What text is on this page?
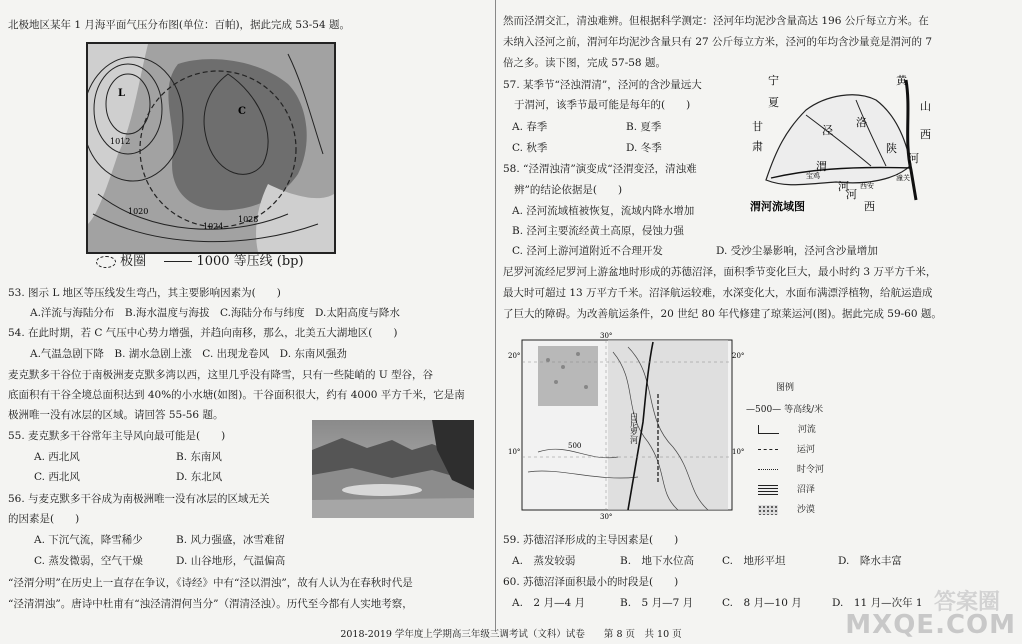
北极地区某年 1 月海平面气压分布图(单位：百帕)，据此完成 53-54 题。
L
C
1020
1024
1028
1012
极圈	1000 等压线 (bp)
53. 图示 L 地区等压线发生弯凸，其主要影响因素为(　　)
A.洋流与海陆分布　B.海水温度与海拔　C.海陆分布与纬度　D.太阳高度与降水
54. 在此时期，若 C 气压中心势力增强，并趋向南移，那么，北美五大湖地区(　　)
A.气温急剧下降　B. 湖水急剧上涨　C. 出现龙卷风　D. 东南风强劲
麦克默多干谷位于南极洲麦克默多湾以西，这里几乎没有降雪，只有一些陡峭的 U 型谷，谷
底面积有干谷全境总面积达到 40%的小水塘(如图)。干谷面积很大，约有 4000 平方千米，它是南
极洲唯一没有冰层的区域。请回答 55-56 题。
55. 麦克默多干谷常年主导风向最可能是(　　)
A. 西北风	B. 东南风
C. 西北风	D. 东北风
56. 与麦克默多干谷成为南极洲唯一没有冰层的区域无关
的因素是(　　)
A. 下沉气流，降雪稀少	B. 风力强盛，冰雪难留
C. 蒸发微弱，空气干燥	D. 山谷地形，气温偏高
“泾渭分明”在历史上一直存在争议，《诗经》中有“泾以渭浊”，故有人认为在春秋时代是
“泾清渭浊”。唐诗中杜甫有“浊泾清渭何当分”（渭清泾浊）。历代至今都有人实地考察，
然而泾渭交汇，清浊难辨。但根据科学测定：泾河年均泥沙含量高达 196 公斤每立方米。在
未纳入泾河之前，渭河年均泥沙含量只有 27 公斤每立方米，泾河的年均含沙量竟是渭河的 7
倍之多。读下图，完成 57-58 题。
57. 某季节“泾浊渭清”，泾河的含沙量远大
于渭河，该季节最可能是每年的(　　)
A. 春季	B. 夏季
C. 秋季	D. 冬季
58. “泾渭浊清”演变成“泾渭变泾，清浊难
辨”的结论依据是(　　)
A. 泾河流域植被恢复，流域内降水增加
B. 泾河主要流经黄土高原，侵蚀力强
C. 泾河上游河道附近不合理开发	D. 受沙尘暴影响，泾河含沙量增加
宁
夏
黄
山
西
泾
洛
陕
河
渭
河 西安
潼关
宝鸡
甘
肃
河
西
渭河流域图
尼罗河流经尼罗河上游盆地时形成的苏德沼泽，面积季节变化巨大，最小时约 3 万平方千米，
最大时可超过 13 万平方千米。沼泽航运较难，水深变化大，水面布满漂浮植物，给航运造成
了巨大的障碍。为改善航运条件，20 世纪 80 年代修建了琼莱运河(图)。据此完成 59-60 题。
20°	20°
10°	10°
30°
30°
白尼罗河
500
图例
—500— 等高线/米
河流
运河
时令河
沼泽
沙漠
59. 苏德沼泽形成的主导因素是(　　)
A.　蒸发较弱	B.　地下水位高	C.　地形平坦	D.　降水丰富
60. 苏德沼泽面积最小的时段是(　　)
A.　2 月—4 月	B.　5 月—7 月	C.　8 月—10 月	D.　11 月—次年 1
2018-2019 学年度上学期高三年级三调考试（文科）试卷　　第 8 页　共 10 页
答案圈
MXQE.COM
